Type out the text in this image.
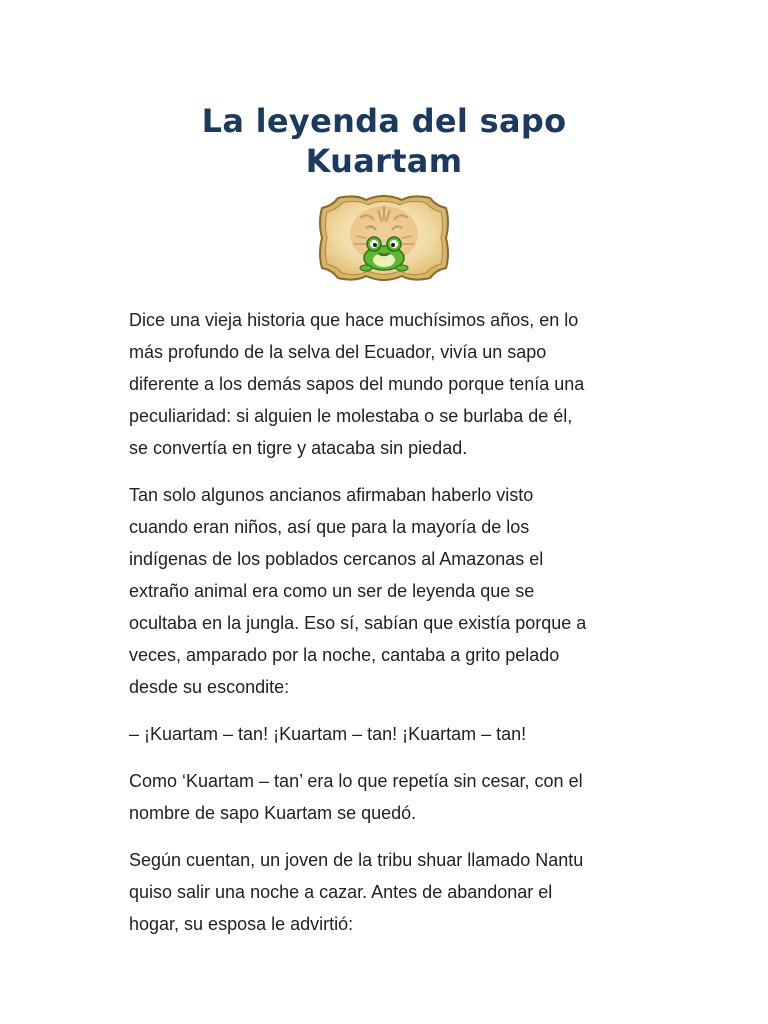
La leyenda del sapo
Kuartam

Dice una vieja historia que hace muchísimos años, en lo
más profundo de la selva del Ecuador, vivía un sapo
diferente a los demás sapos del mundo porque tenía una
peculiaridad: si alguien le molestaba o se burlaba de él,
se convertía en tigre y atacaba sin piedad.

Tan solo algunos ancianos afirmaban haberlo visto
cuando eran niños, así que para la mayoría de los
indígenas de los poblados cercanos al Amazonas el
extraño animal era como un ser de leyenda que se
ocultaba en la jungla. Eso sí, sabían que existía porque a
veces, amparado por la noche, cantaba a grito pelado
desde su escondite:

– ¡Kuartam – tan! ¡Kuartam – tan! ¡Kuartam – tan!

Como ‘Kuartam – tan’ era lo que repetía sin cesar, con el
nombre de sapo Kuartam se quedó.

Según cuentan, un joven de la tribu shuar llamado Nantu
quiso salir una noche a cazar. Antes de abandonar el
hogar, su esposa le advirtió:
